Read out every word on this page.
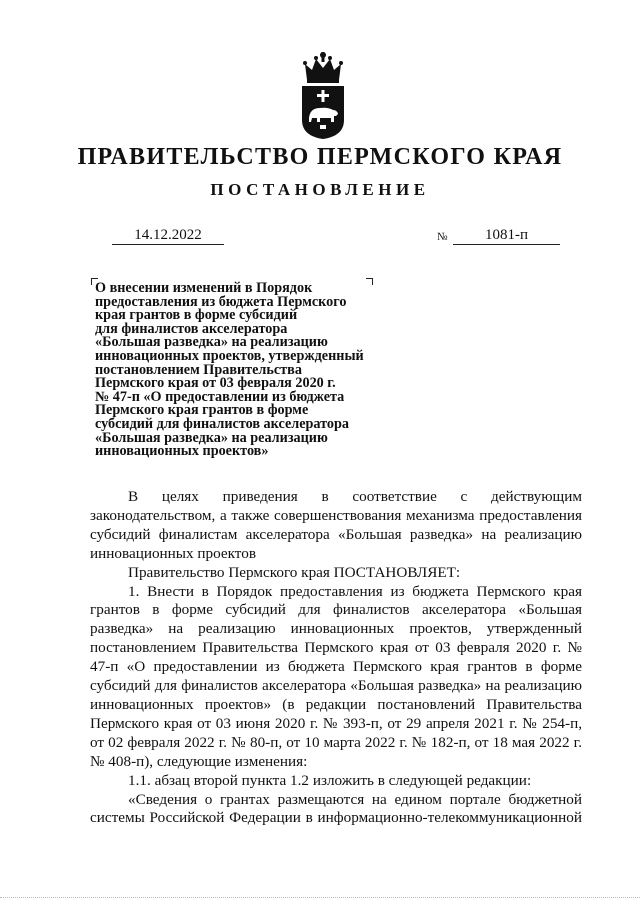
ПРАВИТЕЛЬСТВО ПЕРМСКОГО КРАЯ
ПОСТАНОВЛЕНИЕ
14.12.2022	№	1081-п
О внесении изменений в Порядок
предоставления из бюджета Пермского
края грантов в форме субсидий
для финалистов акселератора
«Большая разведка» на реализацию
инновационных проектов, утвержденный
постановлением Правительства
Пермского края от 03 февраля 2020 г.
№ 47-п «О предоставлении из бюджета
Пермского края грантов в форме
субсидий для финалистов акселератора
«Большая разведка» на реализацию
инновационных проектов»

В целях приведения в соответствие с действующим законодательством, а также совершенствования механизма предоставления субсидий финалистам акселератора «Большая разведка» на реализацию инновационных проектов

Правительство Пермского края ПОСТАНОВЛЯЕТ:

1. Внести в Порядок предоставления из бюджета Пермского края грантов в форме субсидий для финалистов акселератора «Большая разведка» на реализацию инновационных проектов, утвержденный постановлением Правительства Пермского края от 03 февраля 2020 г. № 47-п «О предоставлении из бюджета Пермского края грантов в форме субсидий для финалистов акселератора «Большая разведка» на реализацию инновационных проектов» (в редакции постановлений Правительства Пермского края от 03 июня 2020 г. № 393-п, от 29 апреля 2021 г. № 254-п, от 02 февраля 2022 г. № 80-п, от 10 марта 2022 г. № 182-п, от 18 мая 2022 г. № 408-п), следующие изменения:

1.1. абзац второй пункта 1.2 изложить в следующей редакции:

«Сведения о грантах размещаются на едином портале бюджетной системы Российской Федерации в информационно-телекоммуникационной
